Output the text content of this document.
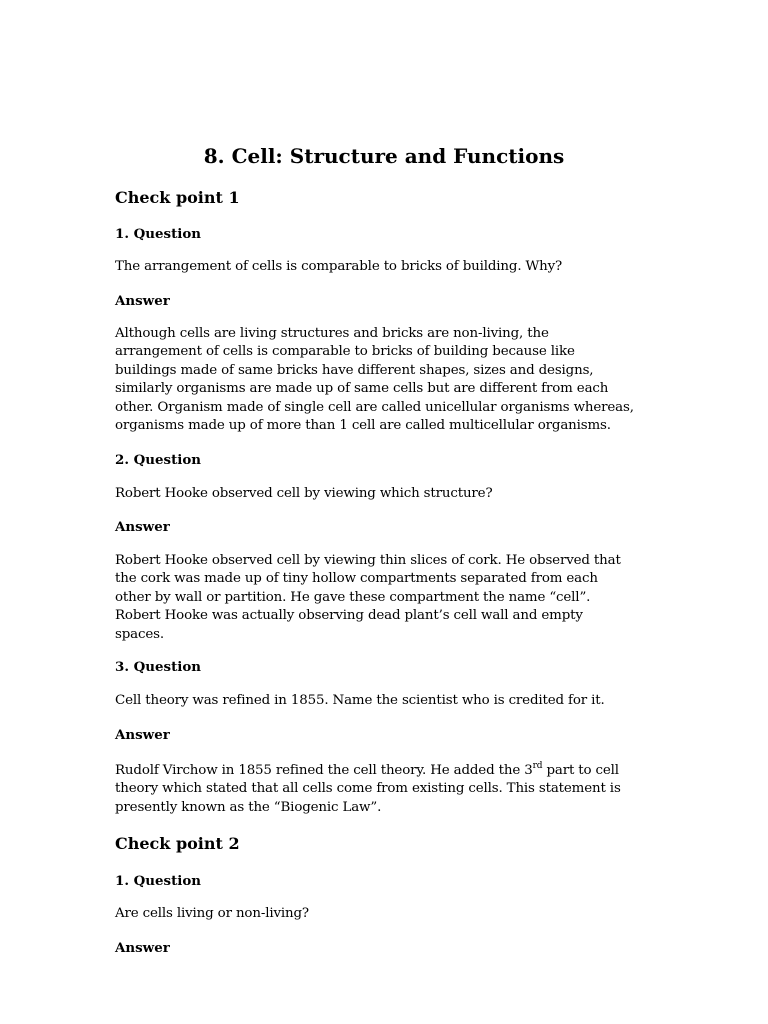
8. Cell: Structure and Functions
Check point 1
1. Question

The arrangement of cells is comparable to bricks of building. Why?

Answer

Although cells are living structures and bricks are non-living, the
arrangement of cells is comparable to bricks of building because like
buildings made of same bricks have different shapes, sizes and designs,
similarly organisms are made up of same cells but are different from each
other. Organism made of single cell are called unicellular organisms whereas,
organisms made up of more than 1 cell are called multicellular organisms.

2. Question

Robert Hooke observed cell by viewing which structure?

Answer

Robert Hooke observed cell by viewing thin slices of cork. He observed that
the cork was made up of tiny hollow compartments separated from each
other by wall or partition. He gave these compartment the name “cell”.
Robert Hooke was actually observing dead plant’s cell wall and empty
spaces.

3. Question

Cell theory was refined in 1855. Name the scientist who is credited for it.

Answer

Rudolf Virchow in 1855 refined the cell theory. He added the 3rd part to cell
theory which stated that all cells come from existing cells. This statement is
presently known as the “Biogenic Law”.

Check point 2
1. Question

Are cells living or non-living?

Answer
